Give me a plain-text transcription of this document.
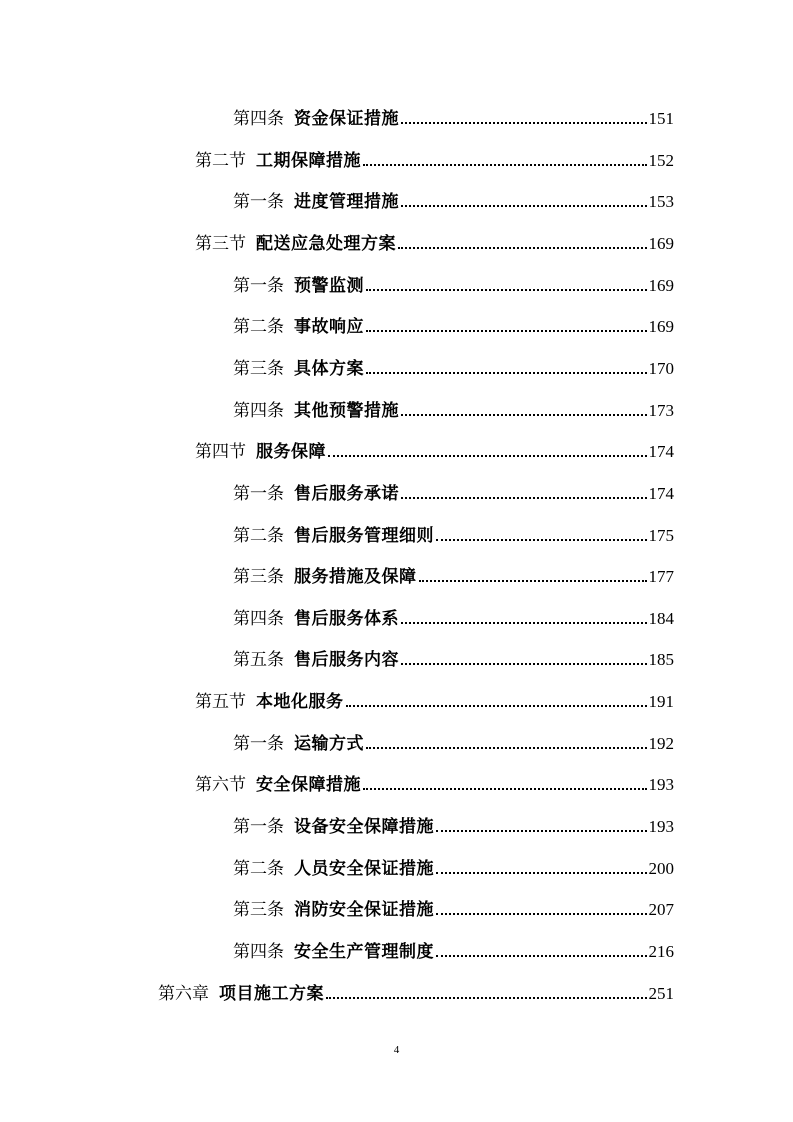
第四条 资金保证措施	151
第二节 工期保障措施	152
第一条 进度管理措施	153
第三节 配送应急处理方案	169
第一条 预警监测	169
第二条 事故响应	169
第三条 具体方案	170
第四条 其他预警措施	173
第四节 服务保障	174
第一条 售后服务承诺	174
第二条 售后服务管理细则	175
第三条 服务措施及保障	177
第四条 售后服务体系	184
第五条 售后服务内容	185
第五节 本地化服务	191
第一条 运输方式	192
第六节 安全保障措施	193
第一条 设备安全保障措施	193
第二条 人员安全保证措施	200
第三条 消防安全保证措施	207
第四条 安全生产管理制度	216
第六章 项目施工方案	251
4
